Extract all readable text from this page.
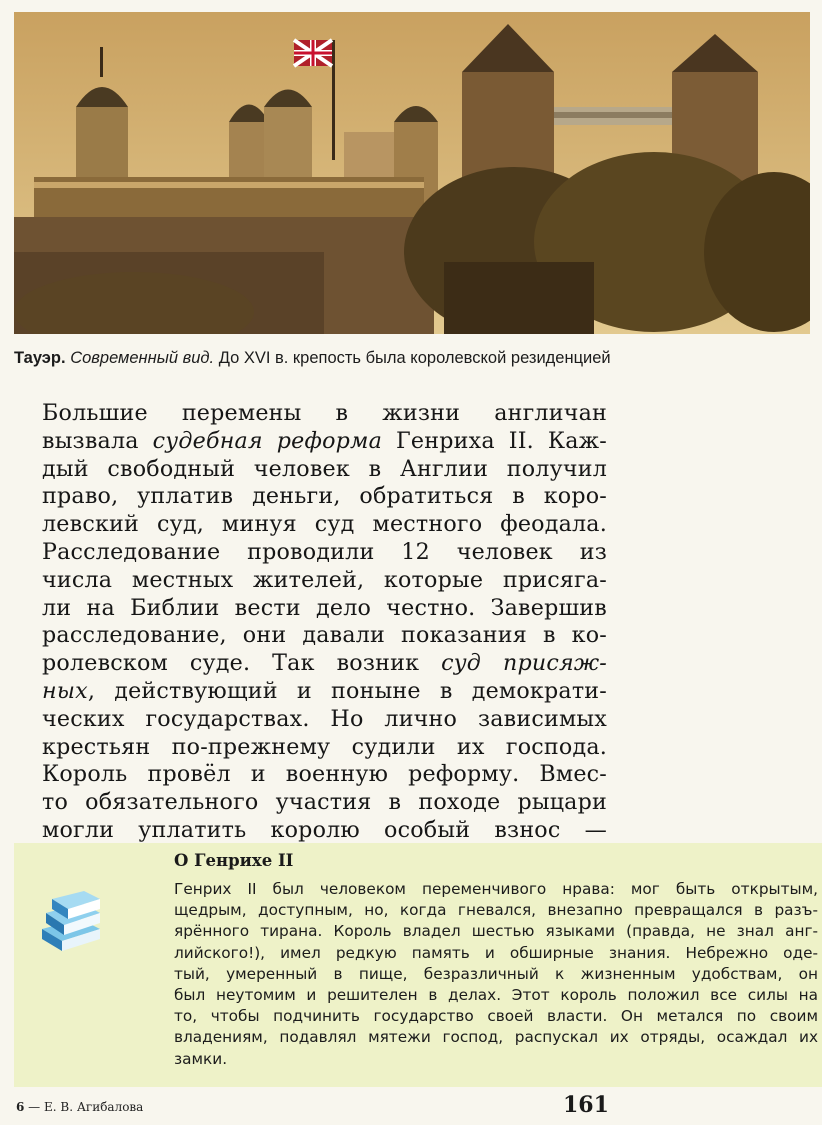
Тауэр. Современный вид. До XVI в. крепость была королевской резиденцией
Большие перемены в жизни англичан
вызвала судебная реформа Генриха II. Каж-
дый свободный человек в Англии получил
право, уплатив деньги, обратиться в коро-
левский суд, минуя суд местного феодала.
Расследование проводили 12 человек из
числа местных жителей, которые присяга-
ли на Библии вести дело честно. Завершив
расследование, они давали показания в ко-
ролевском суде. Так возник суд присяж-
ных, действующий и поныне в демократи-
ческих государствах. Но лично зависимых
крестьян по-прежнему судили их господа.
Король провёл и военную реформу. Вмес-
то обязательного участия в походе рыцари
могли уплатить королю особый взнос —
О Генрихе II
Генрих II был человеком переменчивого нрава: мог быть открытым,
щедрым, доступным, но, когда гневался, внезапно превращался в разъ-
ярённого тирана. Король владел шестью языками (правда, не знал анг-
лийского!), имел редкую память и обширные знания. Небрежно оде-
тый, умеренный в пище, безразличный к жизненным удобствам, он
был неутомим и решителен в делах. Этот король положил все силы на
то, чтобы подчинить государство своей власти. Он метался по своим
владениям, подавлял мятежи господ, распускал их отряды, осаждал их
замки.
6 — Е. В. Агибалова	161
